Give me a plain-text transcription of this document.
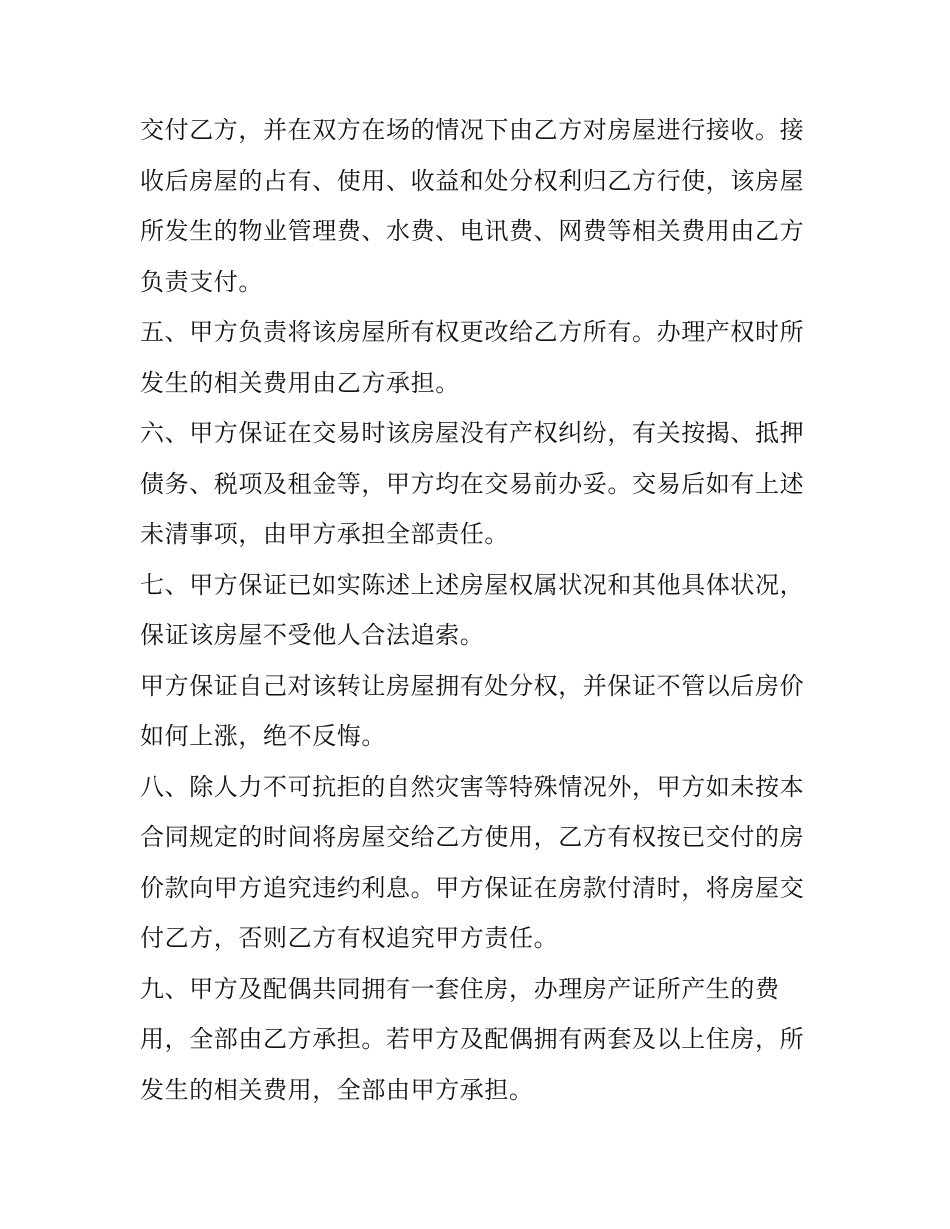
交付乙方，并在双方在场的情况下由乙方对房屋进行接收。接
收后房屋的占有、使用、收益和处分权利归乙方行使，该房屋
所发生的物业管理费、水费、电讯费、网费等相关费用由乙方
负责支付。
五、甲方负责将该房屋所有权更改给乙方所有。办理产权时所
发生的相关费用由乙方承担。
六、甲方保证在交易时该房屋没有产权纠纷，有关按揭、抵押
债务、税项及租金等，甲方均在交易前办妥。交易后如有上述
未清事项，由甲方承担全部责任。
七、甲方保证已如实陈述上述房屋权属状况和其他具体状况，
保证该房屋不受他人合法追索。
甲方保证自己对该转让房屋拥有处分权，并保证不管以后房价
如何上涨，绝不反悔。
八、除人力不可抗拒的自然灾害等特殊情况外，甲方如未按本
合同规定的时间将房屋交给乙方使用，乙方有权按已交付的房
价款向甲方追究违约利息。甲方保证在房款付清时，将房屋交
付乙方，否则乙方有权追究甲方责任。
九、甲方及配偶共同拥有一套住房，办理房产证所产生的费
用，全部由乙方承担。若甲方及配偶拥有两套及以上住房，所
发生的相关费用，全部由甲方承担。
